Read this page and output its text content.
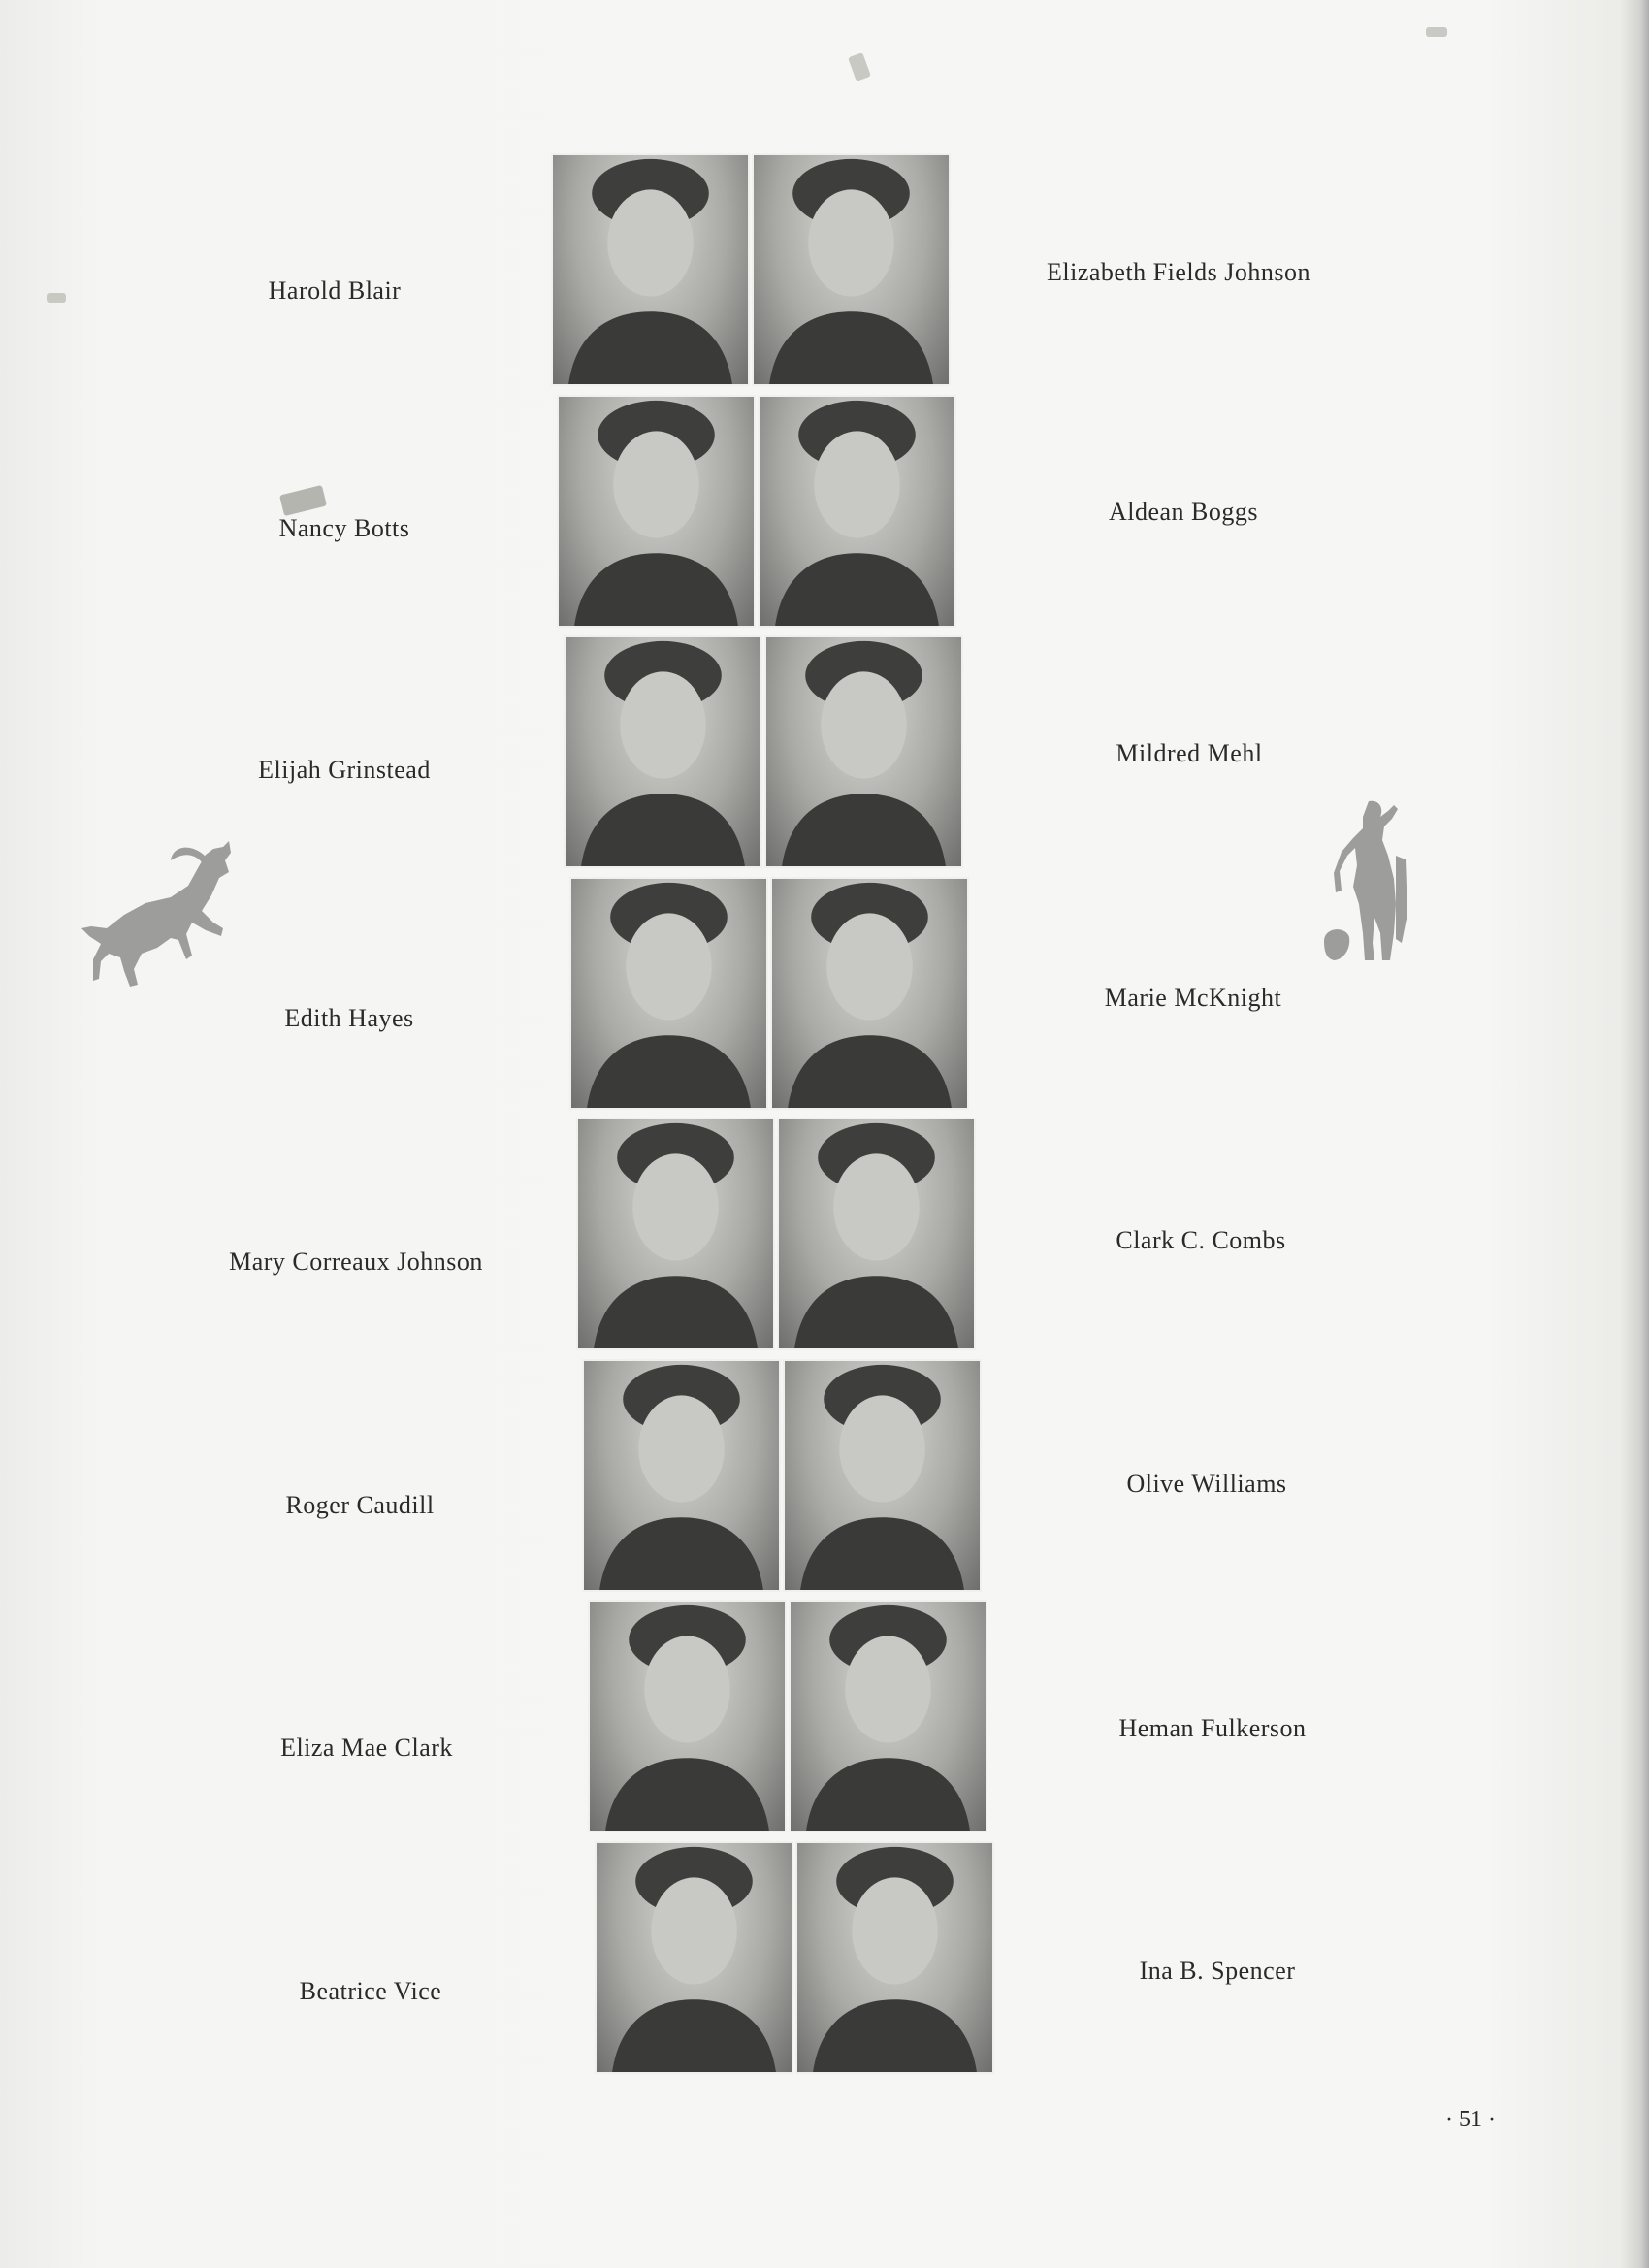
Harold Blair
Nancy Botts
Elijah Grinstead
Edith Hayes
Mary Correaux Johnson
Roger Caudill
Eliza Mae Clark
Beatrice Vice
Elizabeth Fields Johnson
Aldean Boggs
Mildred Mehl
Marie McKnight
Clark C. Combs
Olive Williams
Heman Fulkerson
Ina B. Spencer
· 51 ·
